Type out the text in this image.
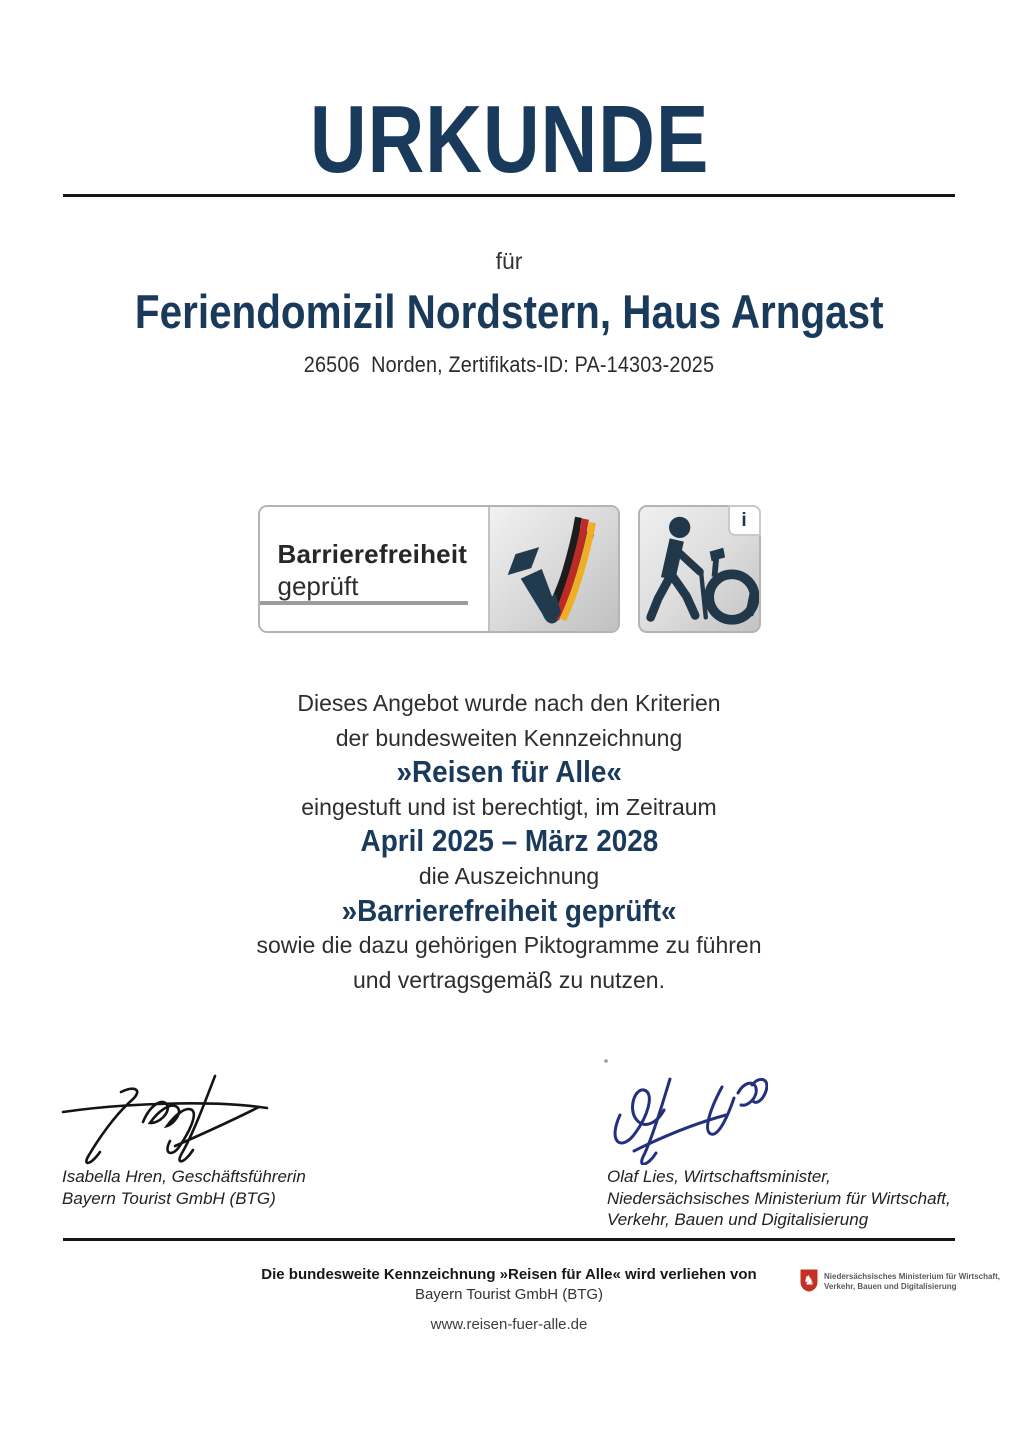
URKUNDE
für
Feriendomizil Nordstern, Haus Arngast
26506  Norden, Zertifikats-ID: PA-14303-2025
Barrierefreiheit
geprüft
i

Dieses Angebot wurde nach den Kriterien

der bundesweiten Kennzeichnung

»Reisen für Alle«

eingestuft und ist berechtigt, im Zeitraum

April 2025 – März 2028

die Auszeichnung

»Barrierefreiheit geprüft«

sowie die dazu gehörigen Piktogramme zu führen

und vertragsgemäß zu nutzen.

Isabella Hren, Geschäftsführerin
Bayern Tourist GmbH (BTG)
Olaf Lies, Wirtschaftsminister,
Niedersächsisches Ministerium für Wirtschaft,
Verkehr, Bauen und Digitalisierung
Die bundesweite Kennzeichnung »Reisen für Alle« wird verliehen von
Bayern Tourist GmbH (BTG)
www.reisen-fuer-alle.de
♞ Niedersächsisches Ministerium für Wirtschaft,
Verkehr, Bauen und Digitalisierung
